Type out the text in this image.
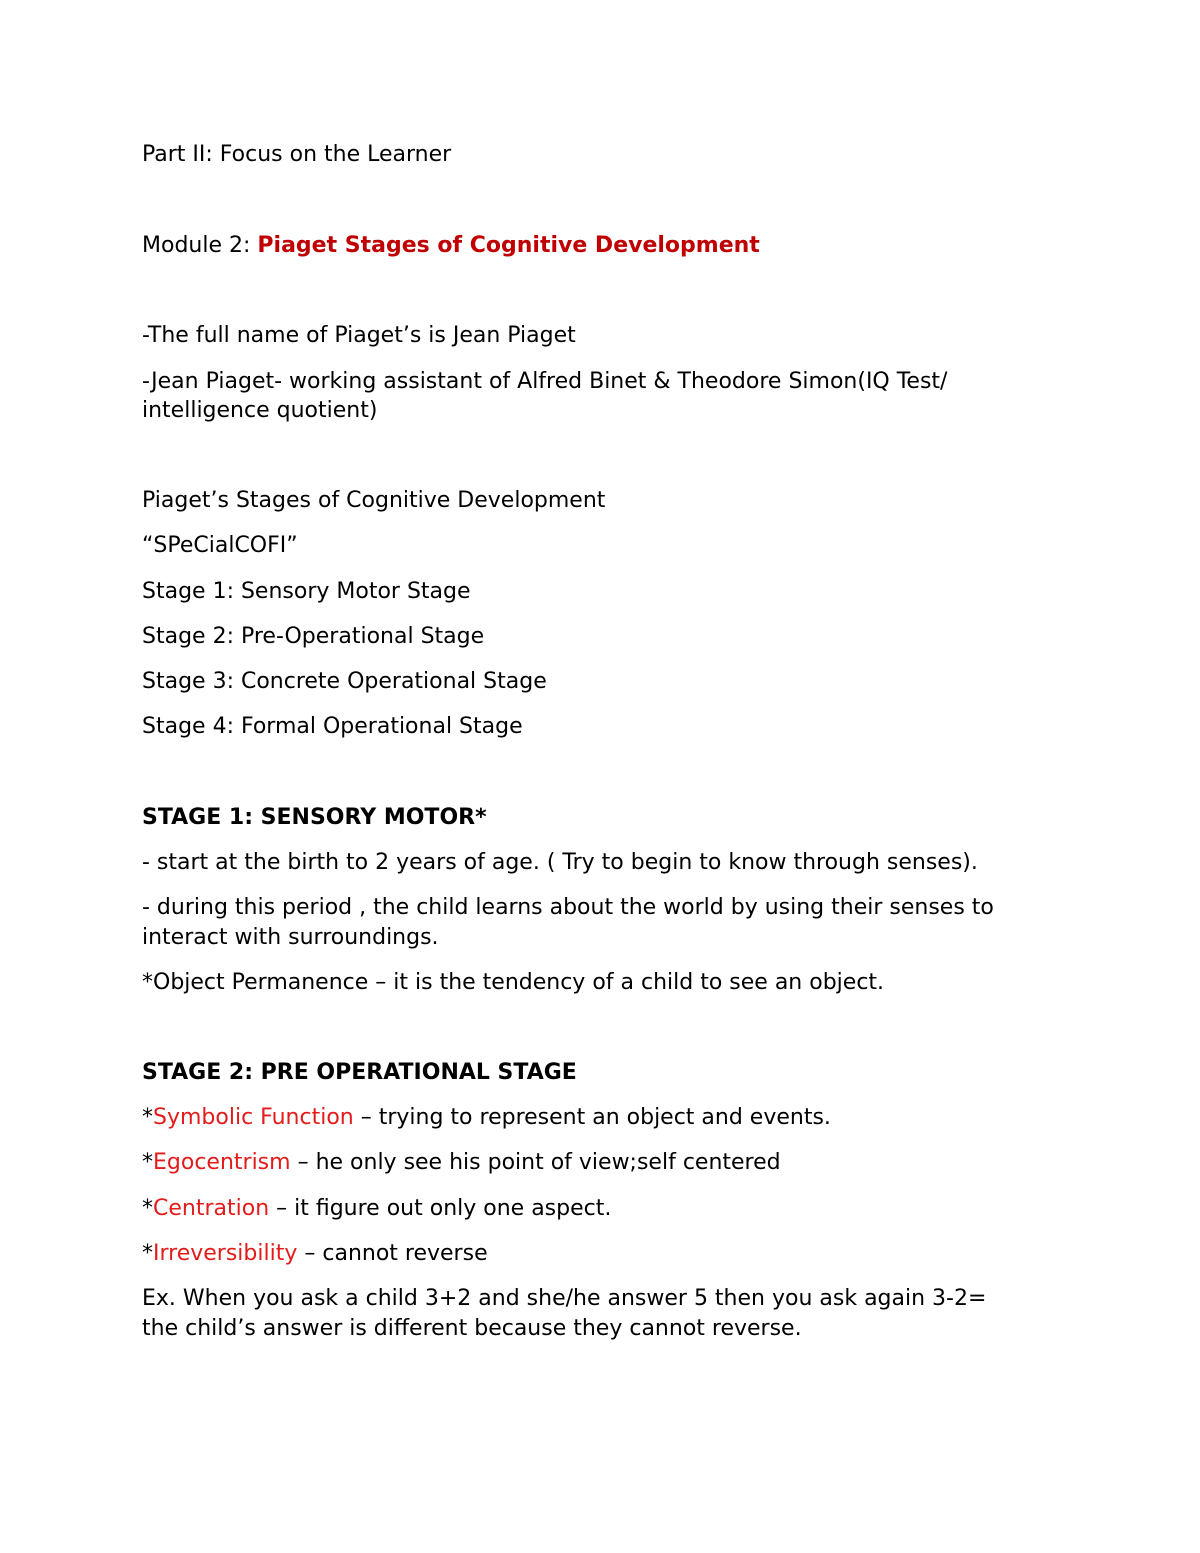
Part II: Focus on the Learner
Module 2: Piaget Stages of Cognitive Development
-The full name of Piaget’s is Jean Piaget
-Jean Piaget- working assistant of Alfred Binet & Theodore Simon(IQ Test/
intelligence quotient)
Piaget’s Stages of Cognitive Development
“SPeCialCOFI”
Stage 1: Sensory Motor Stage
Stage 2: Pre-Operational Stage
Stage 3: Concrete Operational Stage
Stage 4: Formal Operational Stage
STAGE 1: SENSORY MOTOR*
- start at the birth to 2 years of age. ( Try to begin to know through senses).
- during this period , the child learns about the world by using their senses to
interact with surroundings.
*Object Permanence – it is the tendency of a child to see an object.
STAGE 2: PRE OPERATIONAL STAGE
*Symbolic Function – trying to represent an object and events.
*Egocentrism – he only see his point of view;self centered
*Centration – it figure out only one aspect.
*Irreversibility – cannot reverse
Ex. When you ask a child 3+2 and she/he answer 5 then you ask again 3-2=
the child’s answer is different because they cannot reverse.
